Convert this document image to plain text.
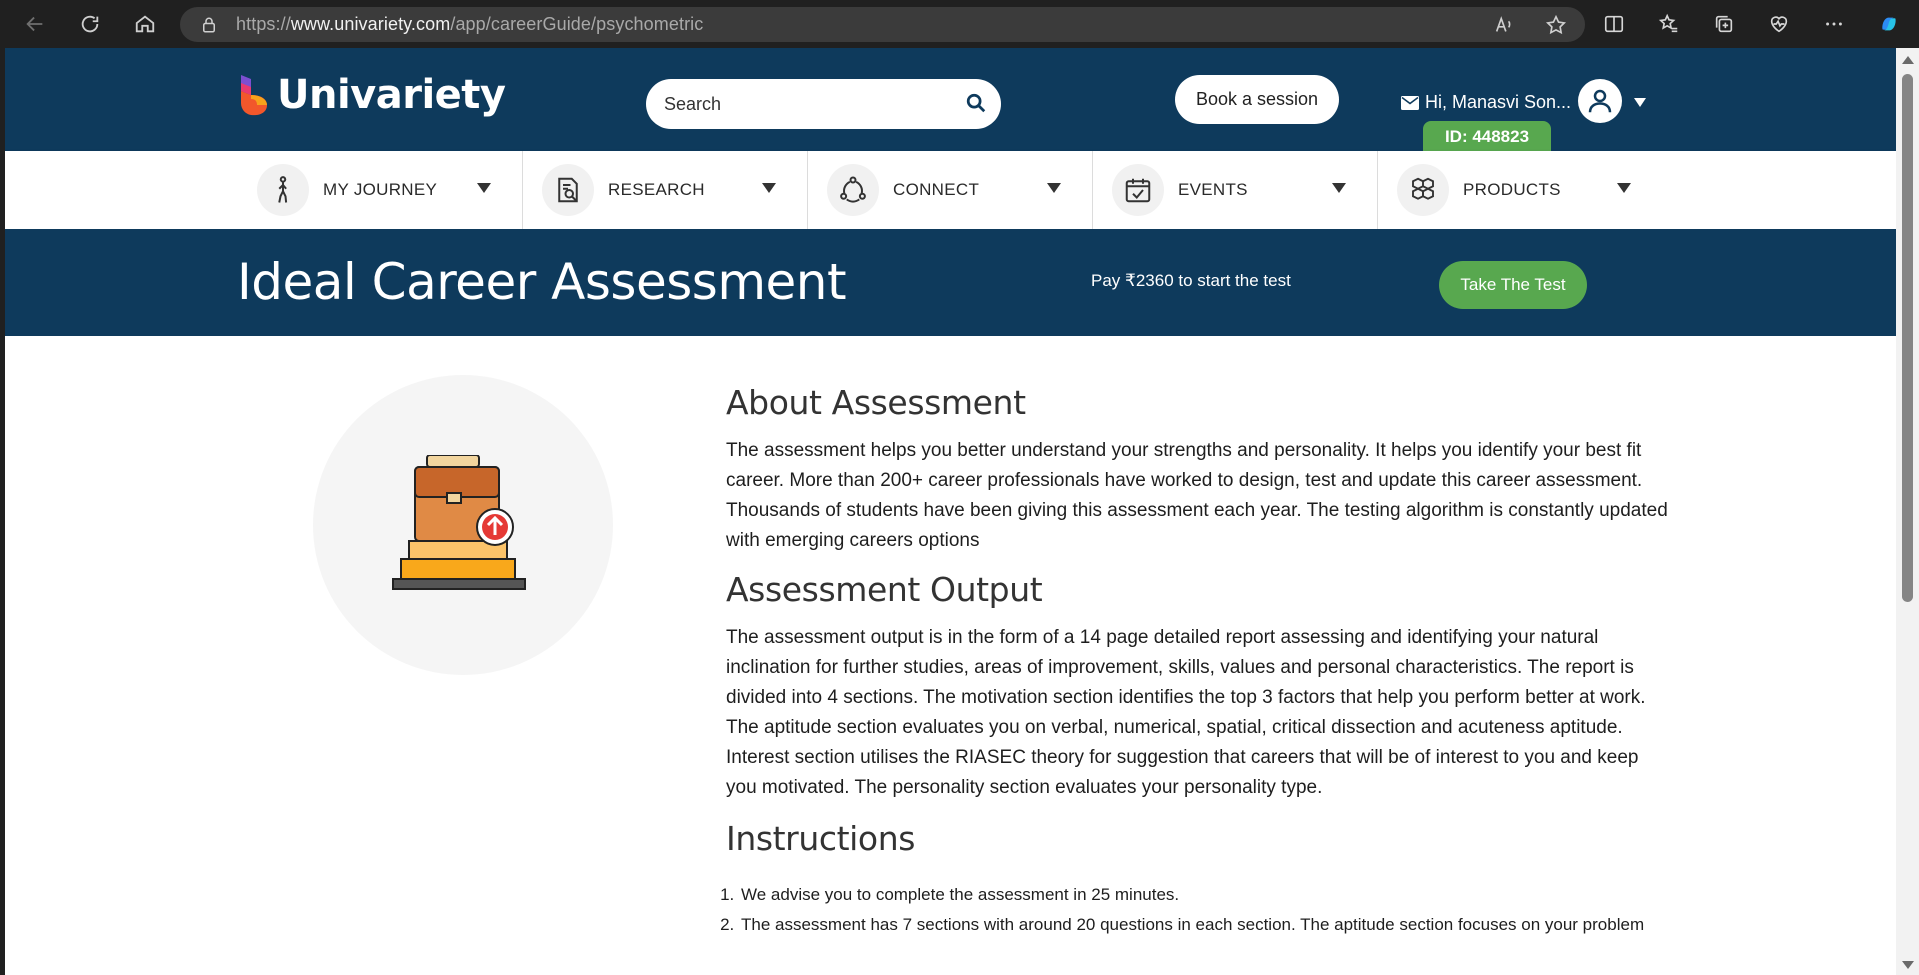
https://www.univariety.com/app/careerGuide/psychometric
Univariety
Search	Book a session	Hi, Manasvi Son...
ID: 448823
MY JOURNEY	RESEARCH	CONNECT	EVENTS	PRODUCTS
Ideal Career Assessment	Pay ₹2360 to start the test	Take The Test
About Assessment

The assessment helps you better understand your strengths and personality. It helps you identify your best fit career. More than 200+ career professionals have worked to design, test and update this career assessment. Thousands of students have been giving this assessment each year. The testing algorithm is constantly updated with emerging careers options

Assessment Output

The assessment output is in the form of a 14 page detailed report assessing and identifying your natural inclination for further studies, areas of improvement, skills, values and personal characteristics. The report is divided into 4 sections. The motivation section identifies the top 3 factors that help you perform better at work. The aptitude section evaluates you on verbal, numerical, spatial, critical dissection and acuteness aptitude. Interest section utilises the RIASEC theory for suggestion that careers that will be of interest to you and keep you motivated. The personality section evaluates your personality type.

Instructions
1. We advise you to complete the assessment in 25 minutes.
2. The assessment has 7 sections with around 20 questions in each section. The aptitude section focuses on your problem
